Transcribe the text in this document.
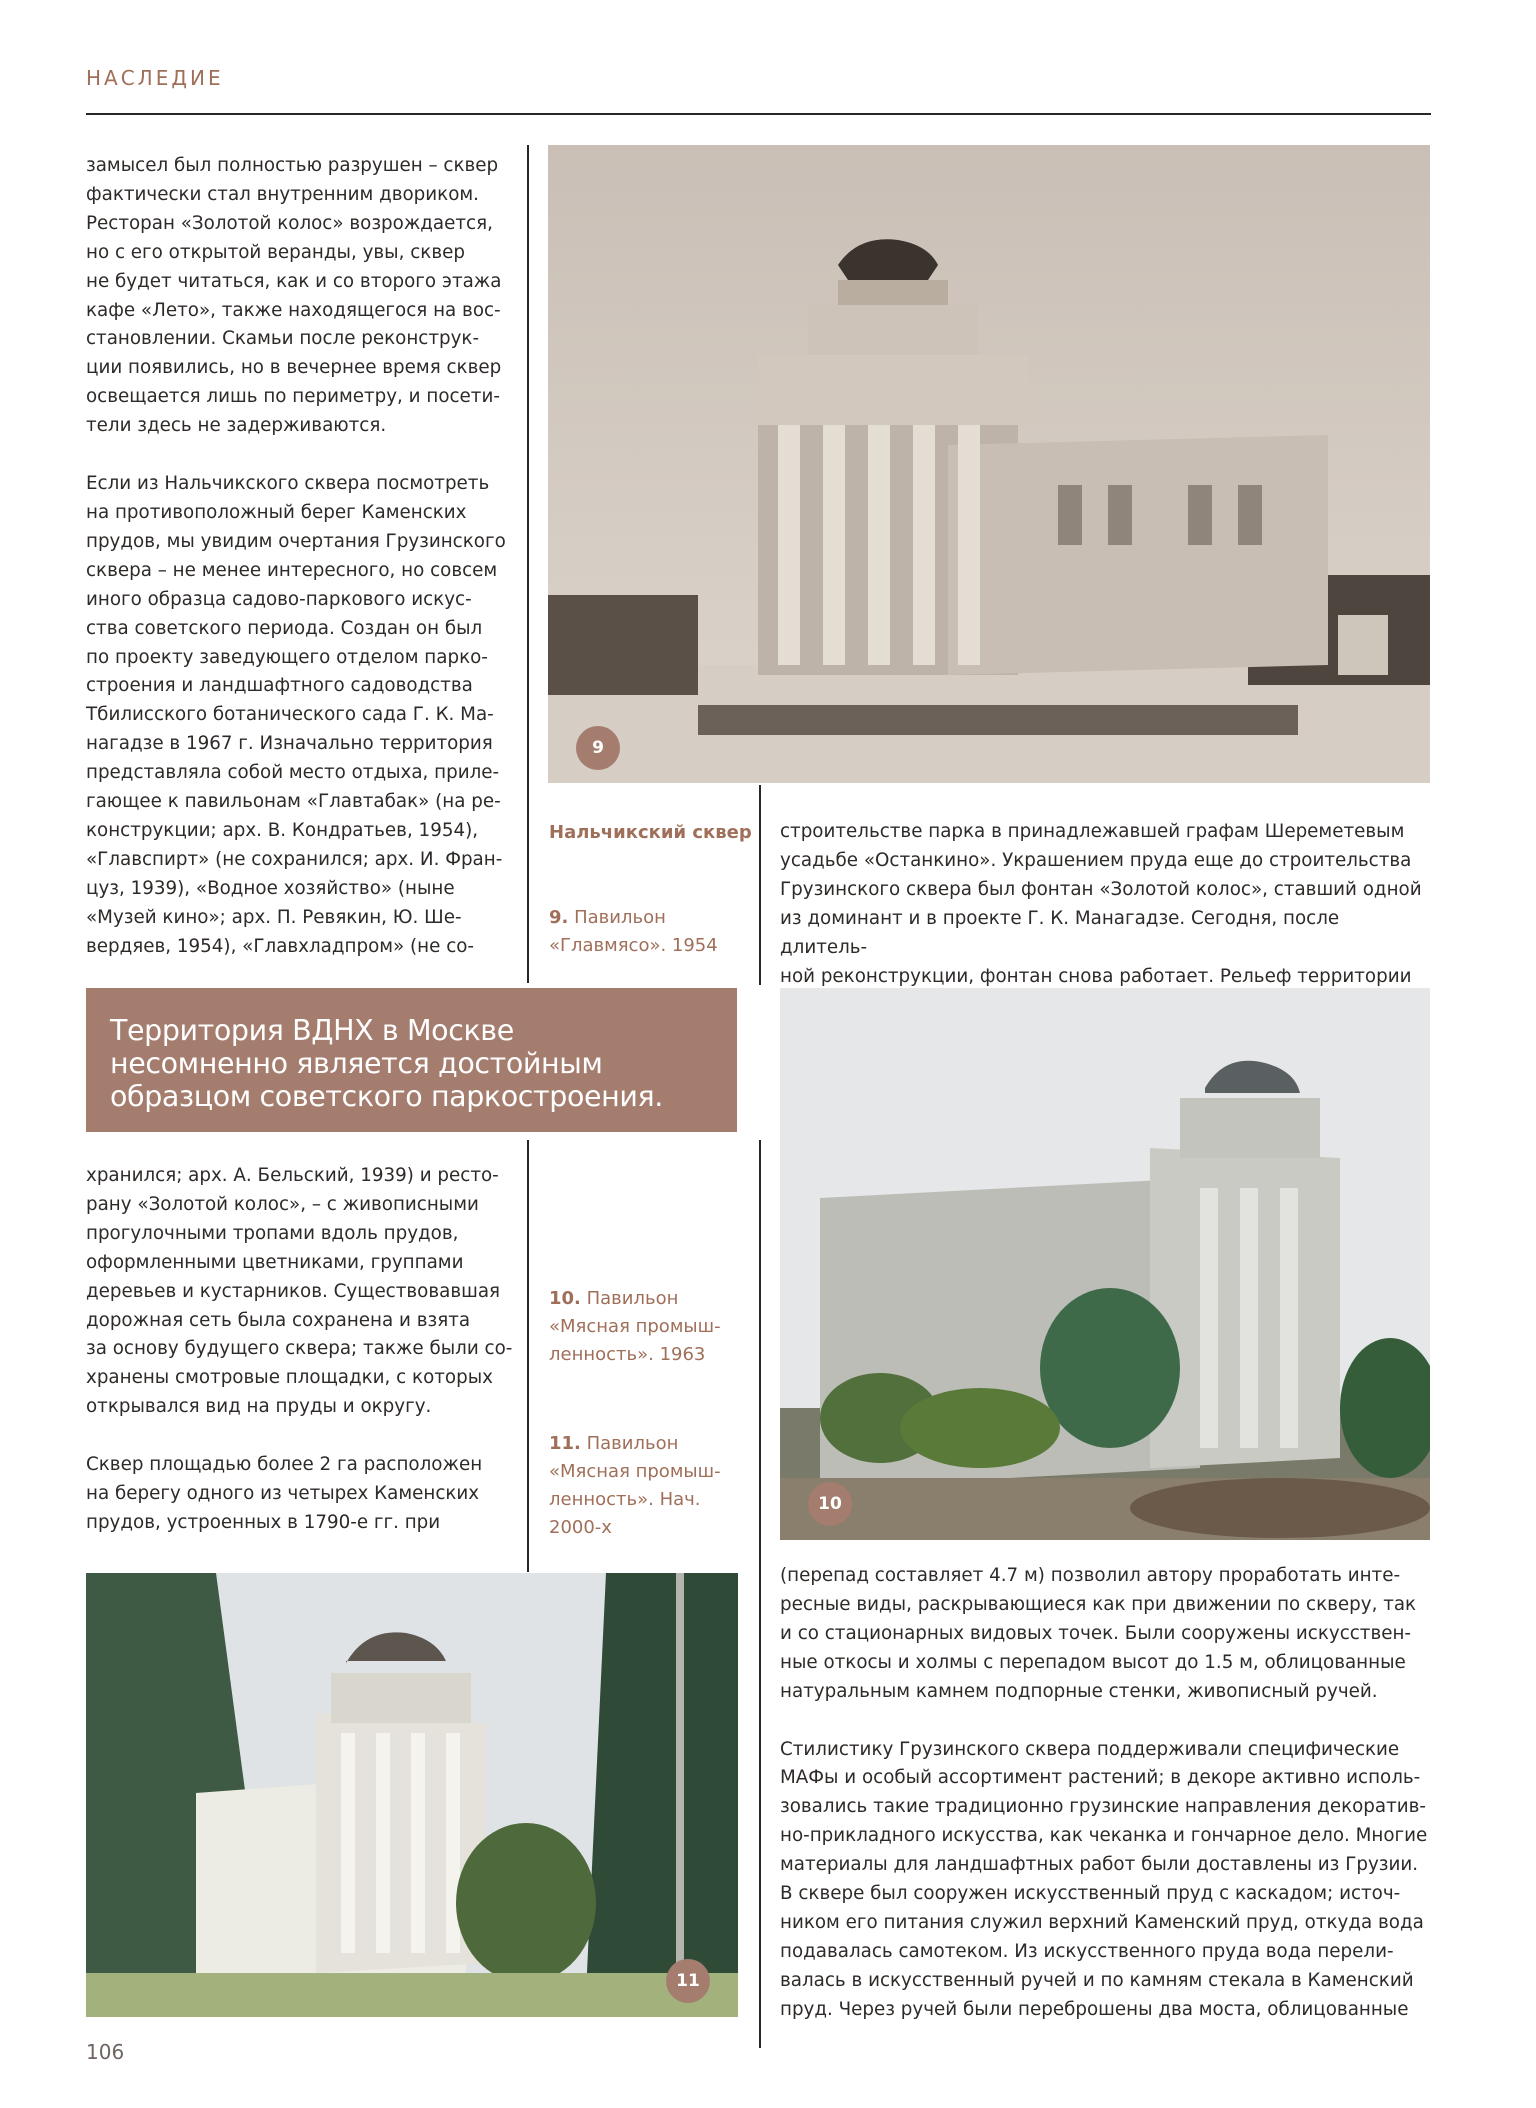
НАСЛЕДИЕ

замысел был полностью разрушен – сквер
фактически стал внутренним двориком.
Ресторан «Золотой колос» возрождается,
но с его открытой веранды, увы, сквер
не будет читаться, как и со второго этажа
кафе «Лето», также находящегося на вос-
становлении. Скамьи после реконструк-
ции появились, но в вечернее время сквер
освещается лишь по периметру, и посети-
тели здесь не задерживаются.

Если из Нальчикского сквера посмотреть
на противоположный берег Каменских
прудов, мы увидим очертания Грузинского
сквера – не менее интересного, но совсем
иного образца садово-паркового искус-
ства советского периода. Создан он был
по проекту заведующего отделом парко-
строения и ландшафтного садоводства
Тбилисского ботанического сада Г. К. Ма-
нагадзе в 1967 г. Изначально территория
представляла собой место отдыха, приле-
гающее к павильонам «Главтабак» (на ре-
конструкции; арх. В. Кондратьев, 1954),
«Главспирт» (не сохранился; арх. И. Фран-
цуз, 1939), «Водное хозяйство» (ныне
«Музей кино»; арх. П. Ревякин, Ю. Ше-
вердяев, 1954), «Главхладпром» (не со-

9
Нальчикский сквер
9. Павильон
«Главмясо». 1954

строительстве парка в принадлежавшей графам Шереметевым
усадьбе «Останкино». Украшением пруда еще до строительства
Грузинского сквера был фонтан «Золотой колос», ставший одной
из доминант и в проекте Г. К. Манагадзе. Сегодня, после длитель-
ной реконструкции, фонтан снова работает. Рельеф территории

Территория ВДНХ в Москве
несомненно является достойным
образцом советского паркостроения.

10

хранился; арх. А. Бельский, 1939) и ресто-
рану «Золотой колос», – с живописными
прогулочными тропами вдоль прудов,
оформленными цветниками, группами
деревьев и кустарников. Существовавшая
дорожная сеть была сохранена и взята
за основу будущего сквера; также были со-
хранены смотровые площадки, с которых
открывался вид на пруды и округу.

Сквер площадью более 2 га расположен
на берегу одного из четырех Каменских
прудов, устроенных в 1790-е гг. при

10. Павильон
«Мясная промыш-
ленность». 1963
11. Павильон
«Мясная промыш-
ленность». Нач.
2000-х
11

(перепад составляет 4.7 м) позволил автору проработать инте-
ресные виды, раскрывающиеся как при движении по скверу, так
и со стационарных видовых точек. Были сооружены искусствен-
ные откосы и холмы с перепадом высот до 1.5 м, облицованные
натуральным камнем подпорные стенки, живописный ручей.

Стилистику Грузинского сквера поддерживали специфические
МАФы и особый ассортимент растений; в декоре активно исполь-
зовались такие традиционно грузинские направления декоратив-
но-прикладного искусства, как чеканка и гончарное дело. Многие
материалы для ландшафтных работ были доставлены из Грузии.
В сквере был сооружен искусственный пруд с каскадом; источ-
ником его питания служил верхний Каменский пруд, откуда вода
подавалась самотеком. Из искусственного пруда вода перели-
валась в искусственный ручей и по камням стекала в Каменский
пруд. Через ручей были переброшены два моста, облицованные

106
